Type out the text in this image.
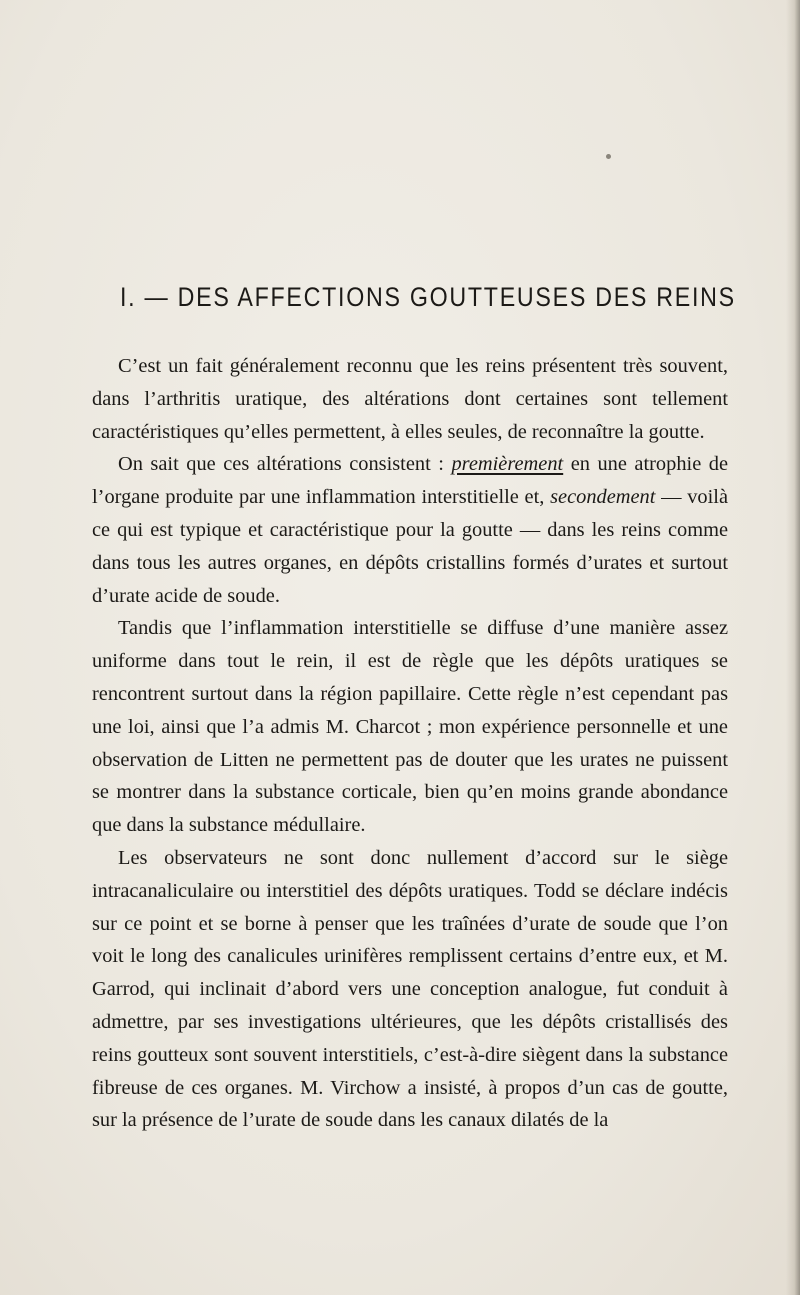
I. — DES AFFECTIONS GOUTTEUSES DES REINS

C’est un fait généralement reconnu que les reins présentent très souvent, dans l’arthritis uratique, des altérations dont certaines sont tellement caractéristiques qu’elles permettent, à elles seules, de reconnaître la goutte.

On sait que ces altérations consistent : premièrement en une atrophie de l’organe produite par une inflammation interstitielle et, secondement — voilà ce qui est typique et caractéristique pour la goutte — dans les reins comme dans tous les autres organes, en dépôts cristallins formés d’urates et surtout d’urate acide de soude.

Tandis que l’inflammation interstitielle se diffuse d’une manière assez uniforme dans tout le rein, il est de règle que les dépôts uratiques se rencontrent surtout dans la région papillaire. Cette règle n’est cependant pas une loi, ainsi que l’a admis M. Charcot ; mon expérience personnelle et une observation de Litten ne permettent pas de douter que les urates ne puissent se montrer dans la substance corticale, bien qu’en moins grande abondance que dans la substance médullaire.

Les observateurs ne sont donc nullement d’accord sur le siège intracanaliculaire ou interstitiel des dépôts uratiques. Todd se déclare indécis sur ce point et se borne à penser que les traînées d’urate de soude que l’on voit le long des canalicules urinifères remplissent certains d’entre eux, et M. Garrod, qui inclinait d’abord vers une conception analogue, fut conduit à admettre, par ses investigations ultérieures, que les dépôts cristallisés des reins goutteux sont souvent interstitiels, c’est-à-dire siègent dans la substance fibreuse de ces organes. M. Virchow a insisté, à propos d’un cas de goutte, sur la présence de l’urate de soude dans les canaux dilatés de la
